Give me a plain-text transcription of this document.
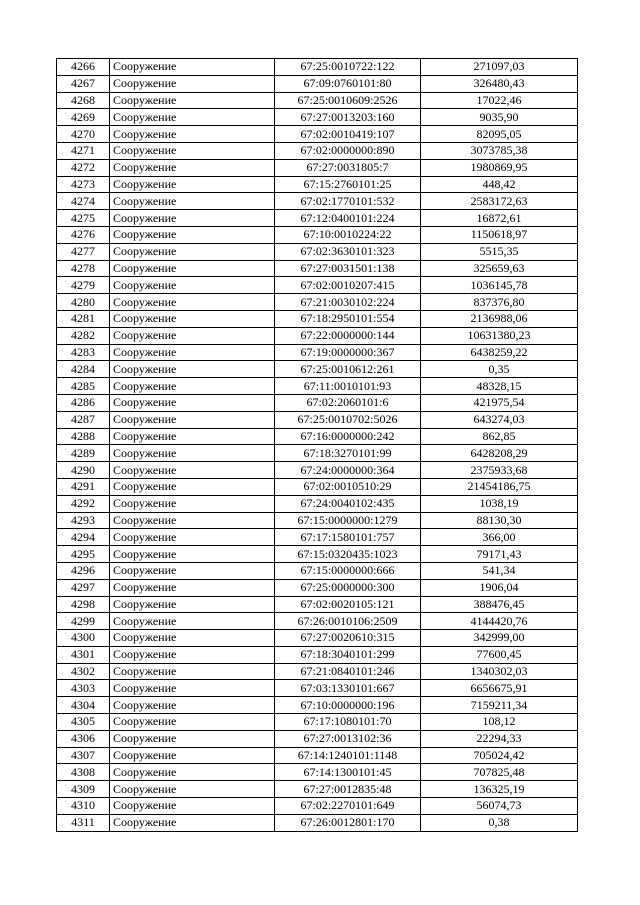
4266	Сооружение	67:25:0010722:122	271097,03
4267	Сооружение	67:09:0760101:80	326480,43
4268	Сооружение	67:25:0010609:2526	17022,46
4269	Сооружение	67:27:0013203:160	9035,90
4270	Сооружение	67:02:0010419:107	82095,05
4271	Сооружение	67:02:0000000:890	3073785,38
4272	Сооружение	67:27:0031805:7	1980869,95
4273	Сооружение	67:15:2760101:25	448,42
4274	Сооружение	67:02:1770101:532	2583172,63
4275	Сооружение	67:12:0400101:224	16872,61
4276	Сооружение	67:10:0010224:22	1150618,97
4277	Сооружение	67:02:3630101:323	5515,35
4278	Сооружение	67:27:0031501:138	325659,63
4279	Сооружение	67:02:0010207:415	1036145,78
4280	Сооружение	67:21:0030102:224	837376,80
4281	Сооружение	67:18:2950101:554	2136988,06
4282	Сооружение	67:22:0000000:144	10631380,23
4283	Сооружение	67:19:0000000:367	6438259,22
4284	Сооружение	67:25:0010612:261	0,35
4285	Сооружение	67:11:0010101:93	48328,15
4286	Сооружение	67:02:2060101:6	421975,54
4287	Сооружение	67:25:0010702:5026	643274,03
4288	Сооружение	67:16:0000000:242	862,85
4289	Сооружение	67:18:3270101:99	6428208,29
4290	Сооружение	67:24:0000000:364	2375933,68
4291	Сооружение	67:02:0010510:29	21454186,75
4292	Сооружение	67:24:0040102:435	1038,19
4293	Сооружение	67:15:0000000:1279	88130,30
4294	Сооружение	67:17:1580101:757	366,00
4295	Сооружение	67:15:0320435:1023	79171,43
4296	Сооружение	67:15:0000000:666	541,34
4297	Сооружение	67:25:0000000:300	1906,04
4298	Сооружение	67:02:0020105:121	388476,45
4299	Сооружение	67:26:0010106:2509	4144420,76
4300	Сооружение	67:27:0020610:315	342999,00
4301	Сооружение	67:18:3040101:299	77600,45
4302	Сооружение	67:21:0840101:246	1340302,03
4303	Сооружение	67:03:1330101:667	6656675,91
4304	Сооружение	67:10:0000000:196	7159211,34
4305	Сооружение	67:17:1080101:70	108,12
4306	Сооружение	67:27:0013102:36	22294,33
4307	Сооружение	67:14:1240101:1148	705024,42
4308	Сооружение	67:14:1300101:45	707825,48
4309	Сооружение	67:27:0012835:48	136325,19
4310	Сооружение	67:02:2270101:649	56074,73
4311	Сооружение	67:26:0012801:170	0,38
